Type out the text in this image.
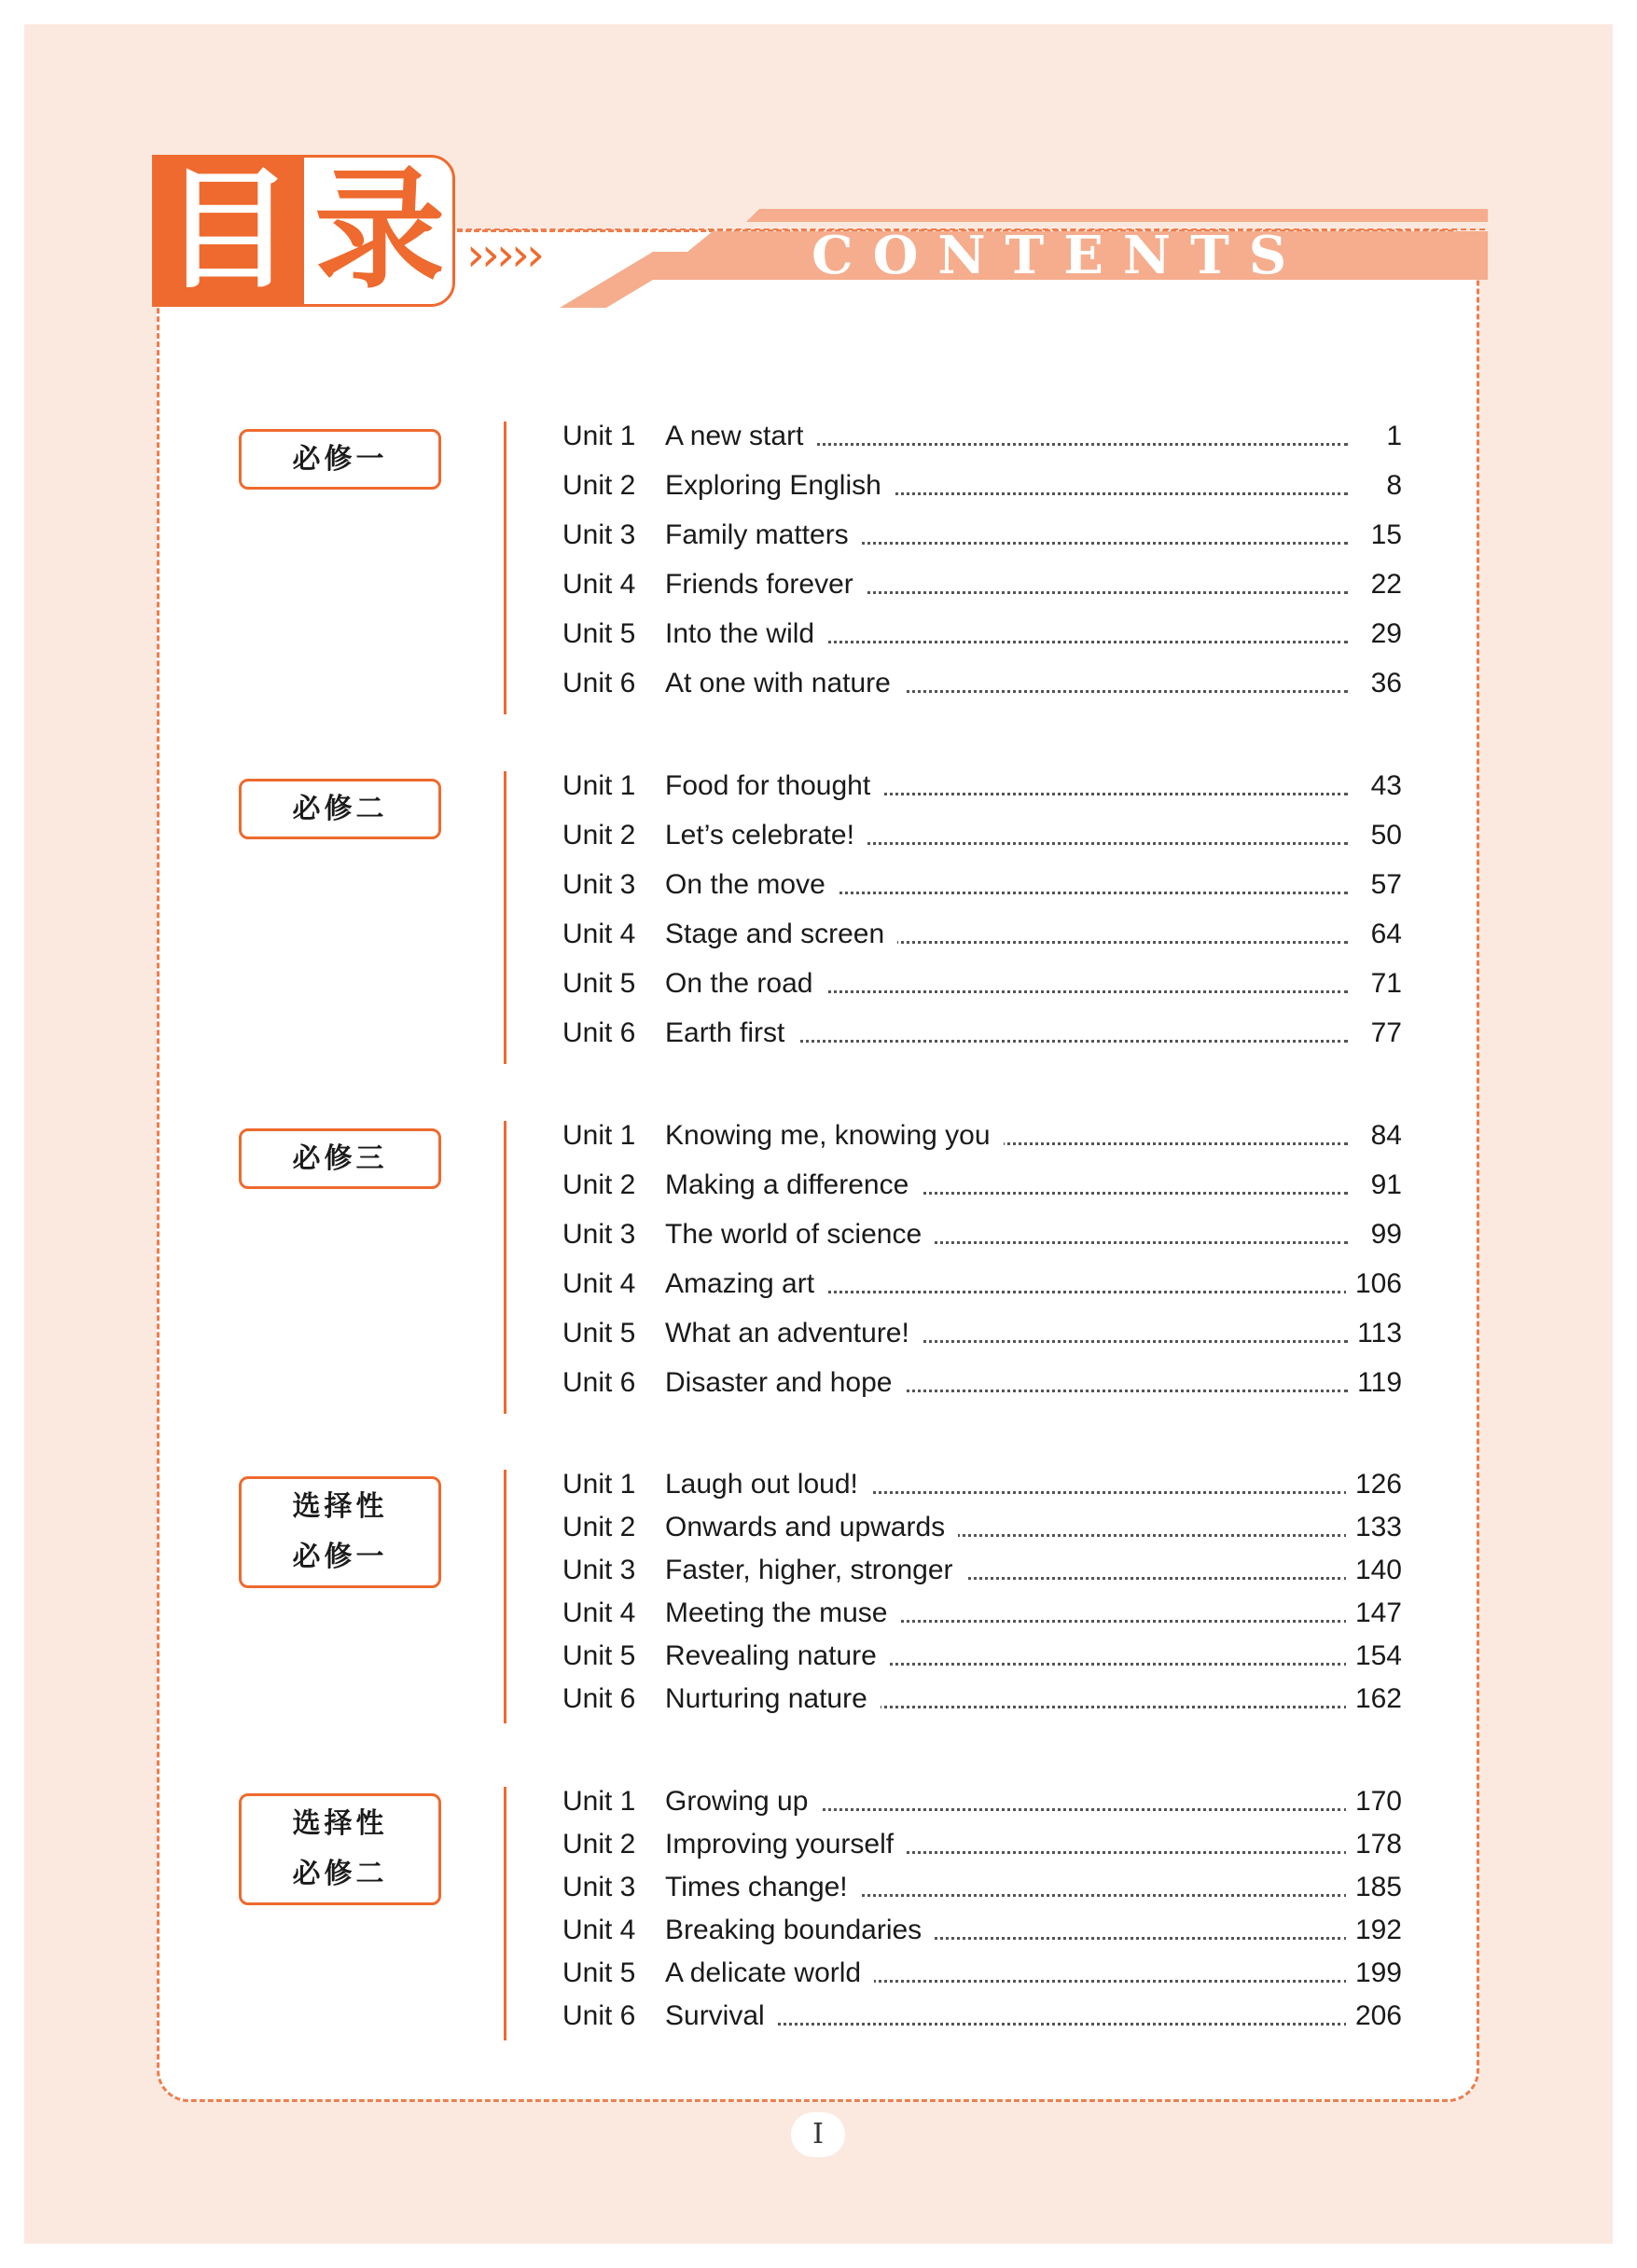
CONTENTS
目 录 ›››››
必修一
Unit 1 A new start	1
Unit 2 Exploring English	8
Unit 3 Family matters	15
Unit 4 Friends forever	22
Unit 5 Into the wild	29
Unit 6 At one with nature	36
必修二
Unit 1 Food for thought	43
Unit 2 Let’s celebrate!	50
Unit 3 On the move	57
Unit 4 Stage and screen	64
Unit 5 On the road	71
Unit 6 Earth first	77
必修三
Unit 1 Knowing me, knowing you	84
Unit 2 Making a difference	91
Unit 3 The world of science	99
Unit 4 Amazing art	106
Unit 5 What an adventure!	113
Unit 6 Disaster and hope	119
选择性
必修一
Unit 1 Laugh out loud!	126
Unit 2 Onwards and upwards	133
Unit 3 Faster, higher, stronger	140
Unit 4 Meeting the muse	147
Unit 5 Revealing nature	154
Unit 6 Nurturing nature	162
选择性
必修二
Unit 1 Growing up	170
Unit 2 Improving yourself	178
Unit 3 Times change!	185
Unit 4 Breaking boundaries	192
Unit 5 A delicate world	199
Unit 6 Survival	206
I
